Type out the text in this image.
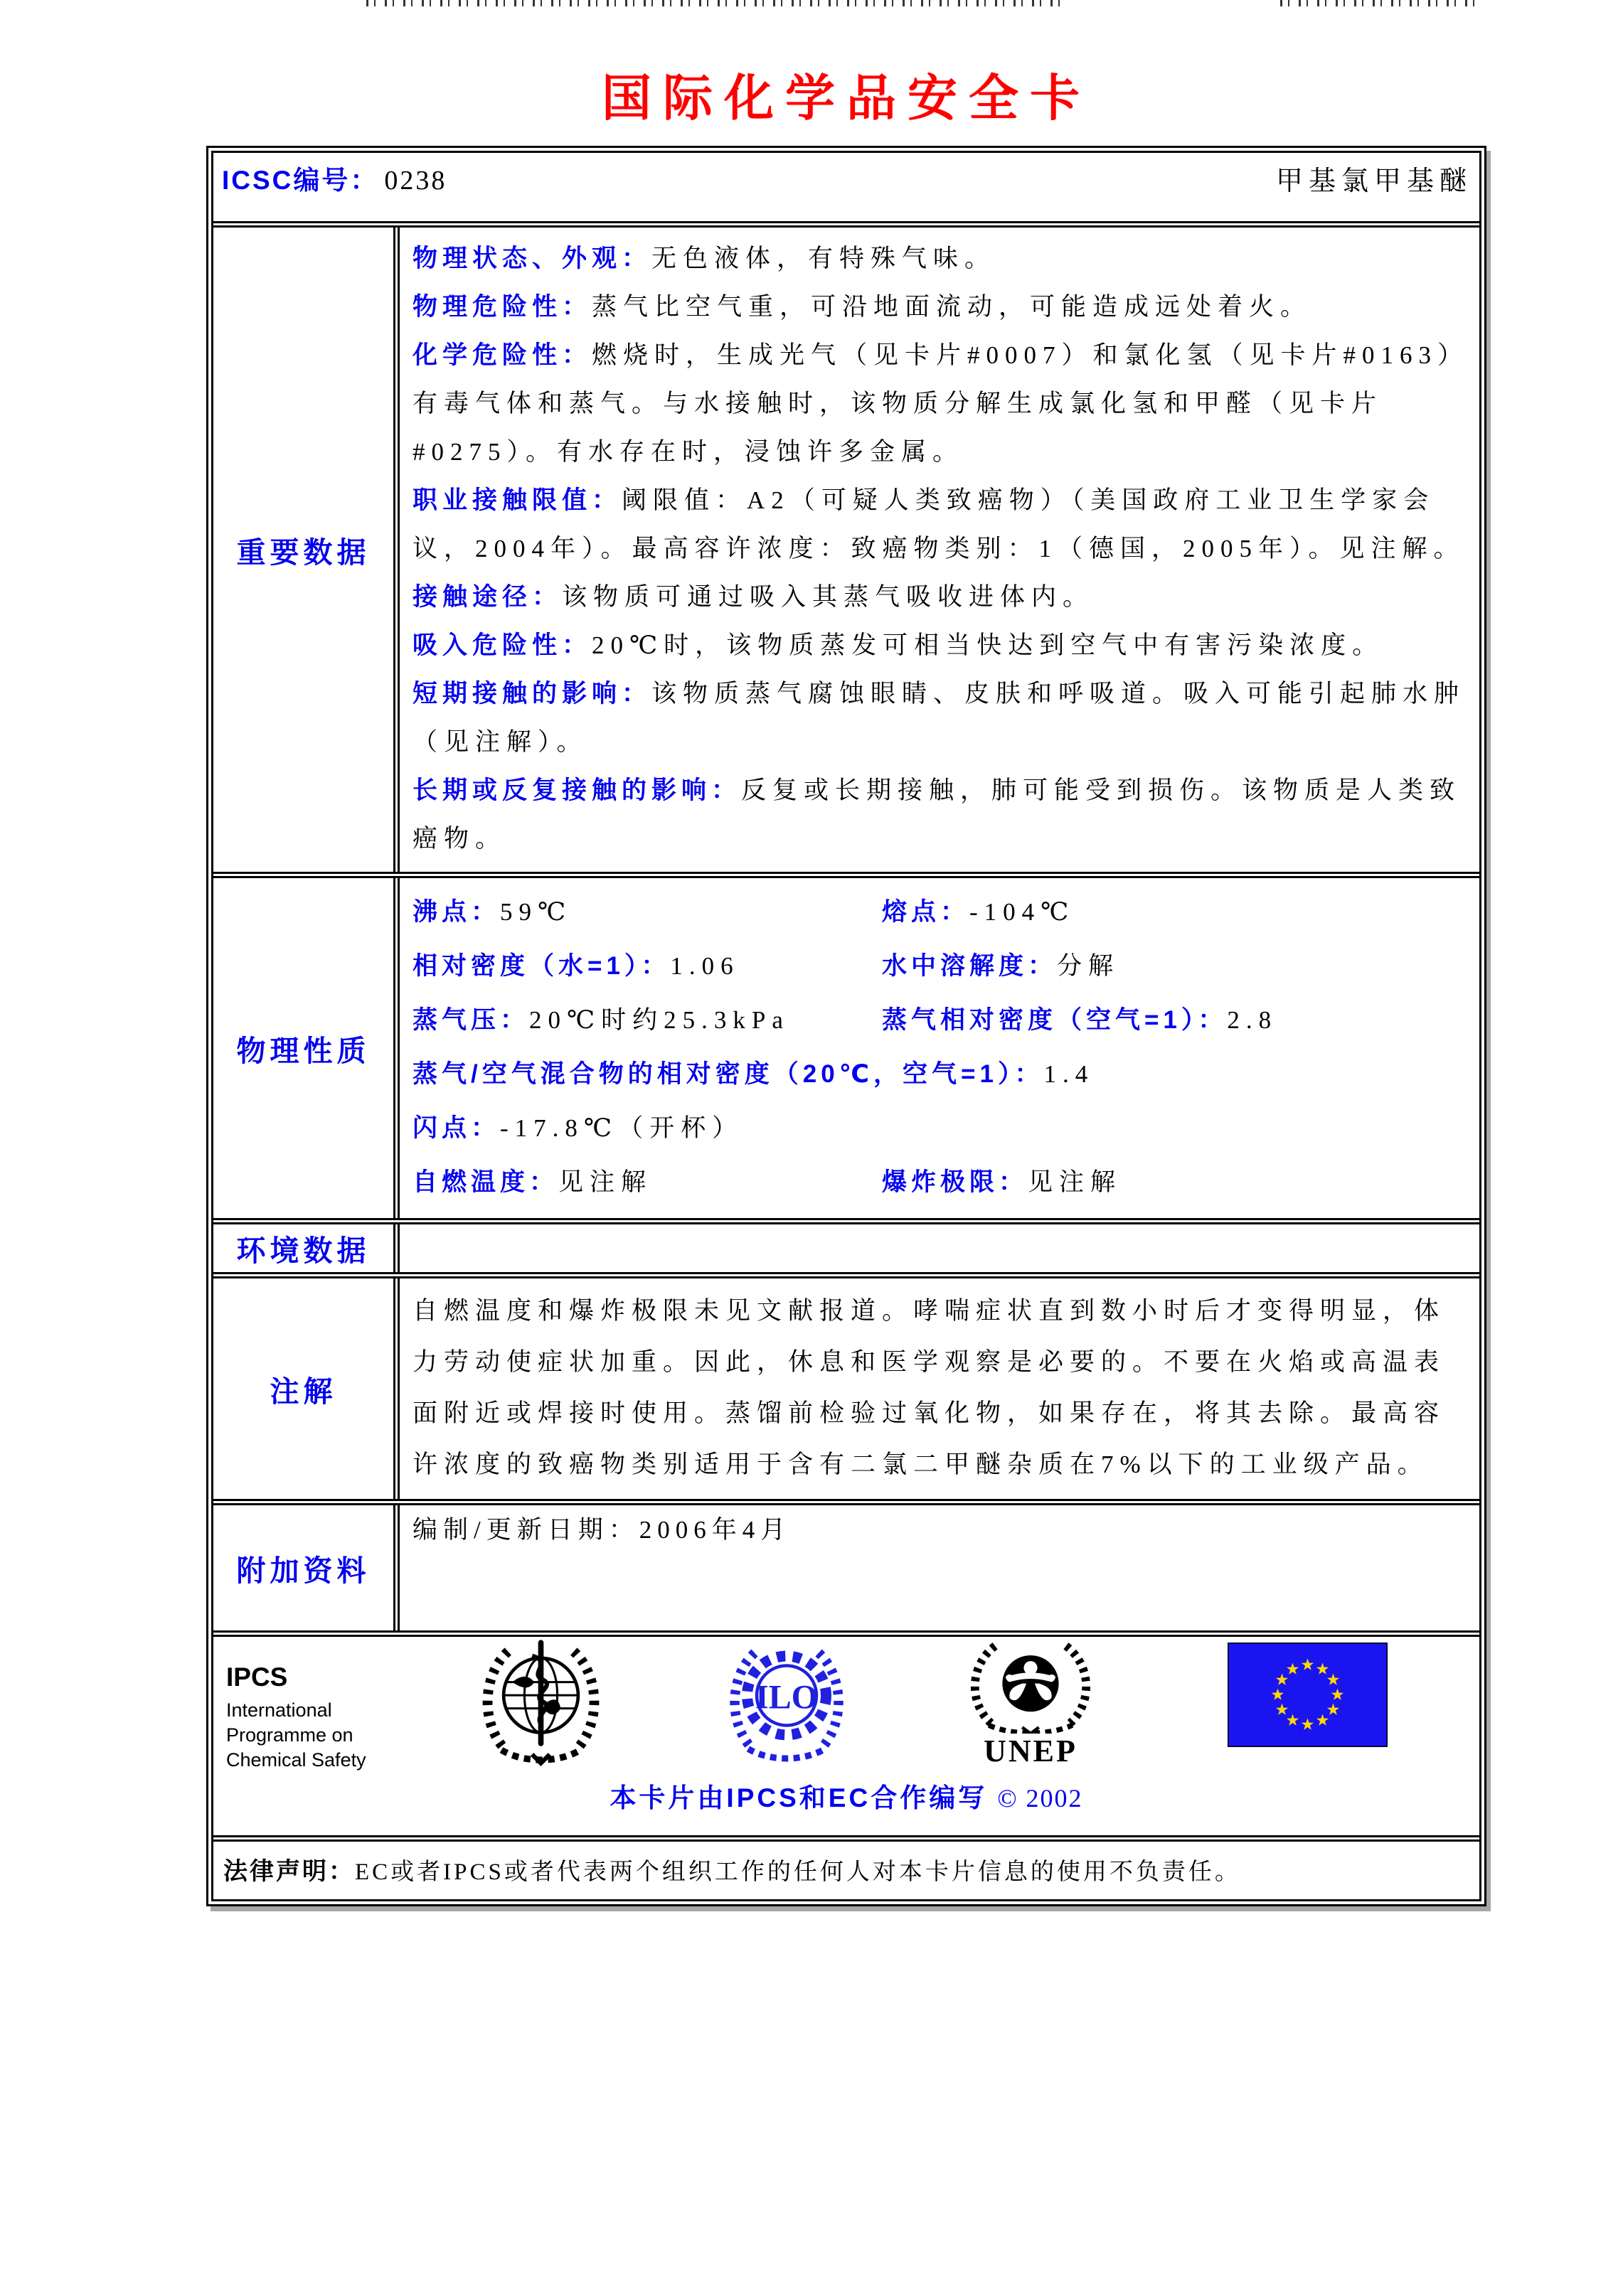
国际化学品安全卡
ICSC编号： 0238	甲基氯甲基醚
重要数据

物理状态、外观：无色液体，有特殊气味。

物理危险性：蒸气比空气重，可沿地面流动，可能造成远处着火。

化学危险性：燃烧时，生成光气（见卡片#0007）和氯化氢（见卡片#0163）有毒气体和蒸气。与水接触时，该物质分解生成氯化氢和甲醛（见卡片#0275）。有水存在时，浸蚀许多金属。

职业接触限值：阈限值：A2（可疑人类致癌物）（美国政府工业卫生学家会议，2004年）。最高容许浓度：致癌物类别：1（德国，2005年）。见注解。

接触途径：该物质可通过吸入其蒸气吸收进体内。

吸入危险性：20℃时，该物质蒸发可相当快达到空气中有害污染浓度。

短期接触的影响：该物质蒸气腐蚀眼睛、皮肤和呼吸道。吸入可能引起肺水肿（见注解）。

长期或反复接触的影响：反复或长期接触，肺可能受到损伤。该物质是人类致癌物。

物理性质
沸点：59℃	熔点：-104℃
相对密度（水=1）：1.06	水中溶解度：分解
蒸气压：20℃时约25.3kPa	蒸气相对密度（空气=1）：2.8
蒸气/空气混合物的相对密度（20℃，空气=1）：1.4
闪点：-17.8℃（开杯）
自燃温度：见注解	爆炸极限：见注解
环境数据
注解
自燃温度和爆炸极限未见文献报道。哮喘症状直到数小时后才变得明显，体力劳动使症状加重。因此，休息和医学观察是必要的。不要在火焰或高温表面附近或焊接时使用。蒸馏前检验过氧化物，如果存在，将其去除。最高容许浓度的致癌物类别适用于含有二氯二甲醚杂质在7%以下的工业级产品。
附加资料
编制/更新日期：2006年4月
IPCS
International
Programme on
Chemical Safety
ILO
UNEP
本卡片由IPCS和EC合作编写 © 2002
法律声明：EC或者IPCS或者代表两个组织工作的任何人对本卡片信息的使用不负责任。
